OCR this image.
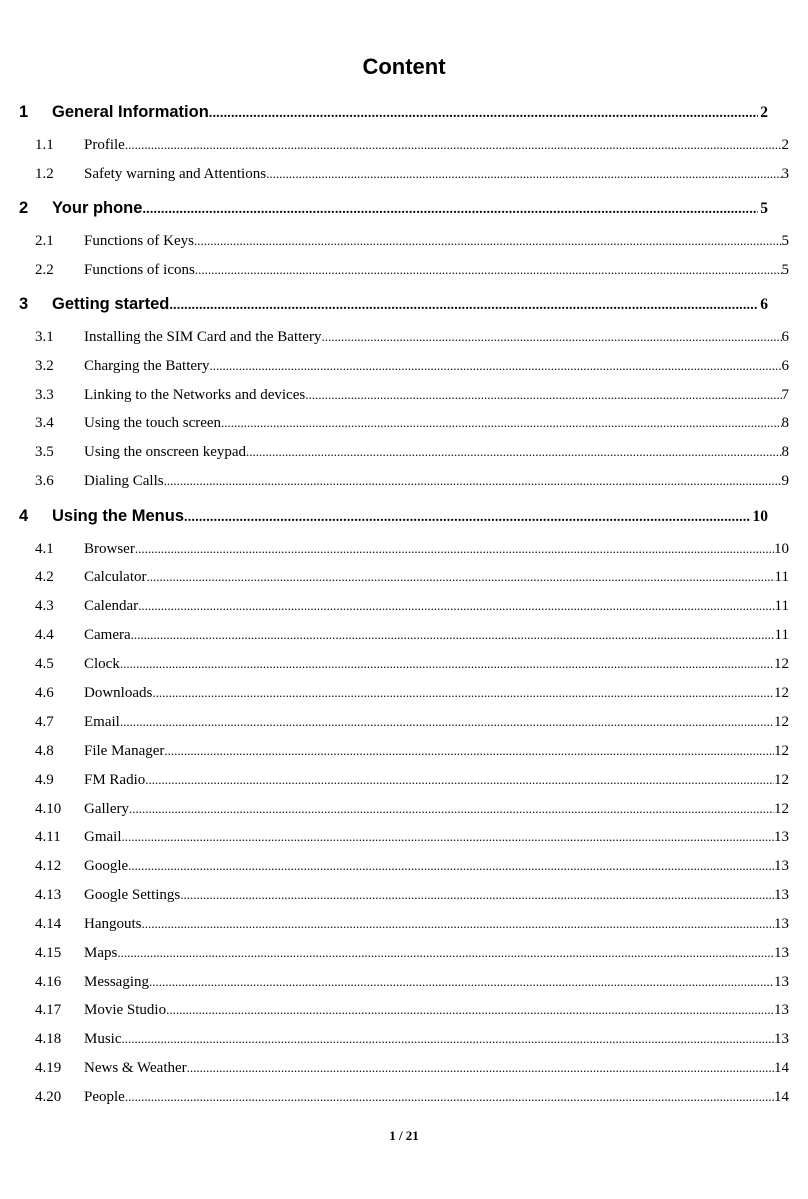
Content
1	General Information .....	2
1.1	Profile .....	2
1.2	Safety warning and Attentions .....	3
2	Your phone .....	5
2.1	Functions of Keys .....	5
2.2	Functions of icons .....	5
3	Getting started .....	6
3.1	Installing the SIM Card and the Battery .....	6
3.2	Charging the Battery .....	6
3.3	Linking to the Networks and devices .....	7
3.4	Using the touch screen .....	8
3.5	Using the onscreen keypad .....	8
3.6	Dialing Calls .....	9
4	Using the Menus .....	10
4.1	Browser .....	10
4.2	Calculator .....	11
4.3	Calendar .....	11
4.4	Camera .....	11
4.5	Clock .....	12
4.6	Downloads .....	12
4.7	Email .....	12
4.8	File Manager .....	12
4.9	FM Radio .....	12
4.10	Gallery .....	12
4.11	Gmail .....	13
4.12	Google .....	13
4.13	Google Settings .....	13
4.14	Hangouts .....	13
4.15	Maps .....	13
4.16	Messaging .....	13
4.17	Movie Studio .....	13
4.18	Music .....	13
4.19	News & Weather .....	14
4.20	People .....	14
1 / 21
